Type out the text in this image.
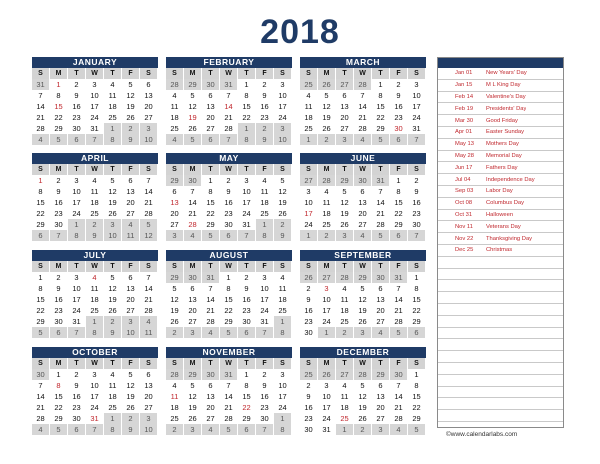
2018
JANUARY
S	M	T	W	T	F	S
31	1	2	3	4	5	6
7	8	9	10	11	12	13
14	15	16	17	18	19	20
21	22	23	24	25	26	27
28	29	30	31	1	2	3
4	5	6	7	8	9	10
FEBRUARY
S	M	T	W	T	F	S
28	29	30	31	1	2	3
4	5	6	7	8	9	10
11	12	13	14	15	16	17
18	19	20	21	22	23	24
25	26	27	28	1	2	3
4	5	6	7	8	9	10
MARCH
S	M	T	W	T	F	S
25	26	27	28	1	2	3
4	5	6	7	8	9	10
11	12	13	14	15	16	17
18	19	20	21	22	23	24
25	26	27	28	29	30	31
1	2	3	4	5	6	7
APRIL
S	M	T	W	T	F	S
1	2	3	4	5	6	7
8	9	10	11	12	13	14
15	16	17	18	19	20	21
22	23	24	25	26	27	28
29	30	1	2	3	4	5
6	7	8	9	10	11	12
MAY
S	M	T	W	T	F	S
29	30	1	2	3	4	5
6	7	8	9	10	11	12
13	14	15	16	17	18	19
20	21	22	23	24	25	26
27	28	29	30	31	1	2
3	4	5	6	7	8	9
JUNE
S	M	T	W	T	F	S
27	28	29	30	31	1	2
3	4	5	6	7	8	9
10	11	12	13	14	15	16
17	18	19	20	21	22	23
24	25	26	27	28	29	30
1	2	3	4	5	6	7
JULY
S	M	T	W	T	F	S
1	2	3	4	5	6	7
8	9	10	11	12	13	14
15	16	17	18	19	20	21
22	23	24	25	26	27	28
29	30	31	1	2	3	4
5	6	7	8	9	10	11
AUGUST
S	M	T	W	T	F	S
29	30	31	1	2	3	4
5	6	7	8	9	10	11
12	13	14	15	16	17	18
19	20	21	22	23	24	25
26	27	28	29	30	31	1
2	3	4	5	6	7	8
SEPTEMBER
S	M	T	W	T	F	S
26	27	28	29	30	31	1
2	3	4	5	6	7	8
9	10	11	12	13	14	15
16	17	18	19	20	21	22
23	24	25	26	27	28	29
30	1	2	3	4	5	6
OCTOBER
S	M	T	W	T	F	S
30	1	2	3	4	5	6
7	8	9	10	11	12	13
14	15	16	17	18	19	20
21	22	23	24	25	26	27
28	29	30	31	1	2	3
4	5	6	7	8	9	10
NOVEMBER
S	M	T	W	T	F	S
28	29	30	31	1	2	3
4	5	6	7	8	9	10
11	12	13	14	15	16	17
18	19	20	21	22	23	24
25	26	27	28	29	30	1
2	3	4	5	6	7	8
DECEMBER
S	M	T	W	T	F	S
25	26	27	28	29	30	1
2	3	4	5	6	7	8
9	10	11	12	13	14	15
16	17	18	19	20	21	22
23	24	25	26	27	28	29
30	31	1	2	3	4	5
Jan 01	New Years' Day
Jan 15	M L King Day
Feb 14	Valentine's Day
Feb 19	Presidents' Day
Mar 30	Good Friday
Apr 01	Easter Sunday
May 13	Mothers Day
May 28	Memorial Day
Jun 17	Fathers Day
Jul 04	Independence Day
Sep 03	Labor Day
Oct 08	Columbus Day
Oct 31	Halloween
Nov 11	Veterans Day
Nov 22	Thanksgiving Day
Dec 25	Christmas
©www.calendarlabs.com
